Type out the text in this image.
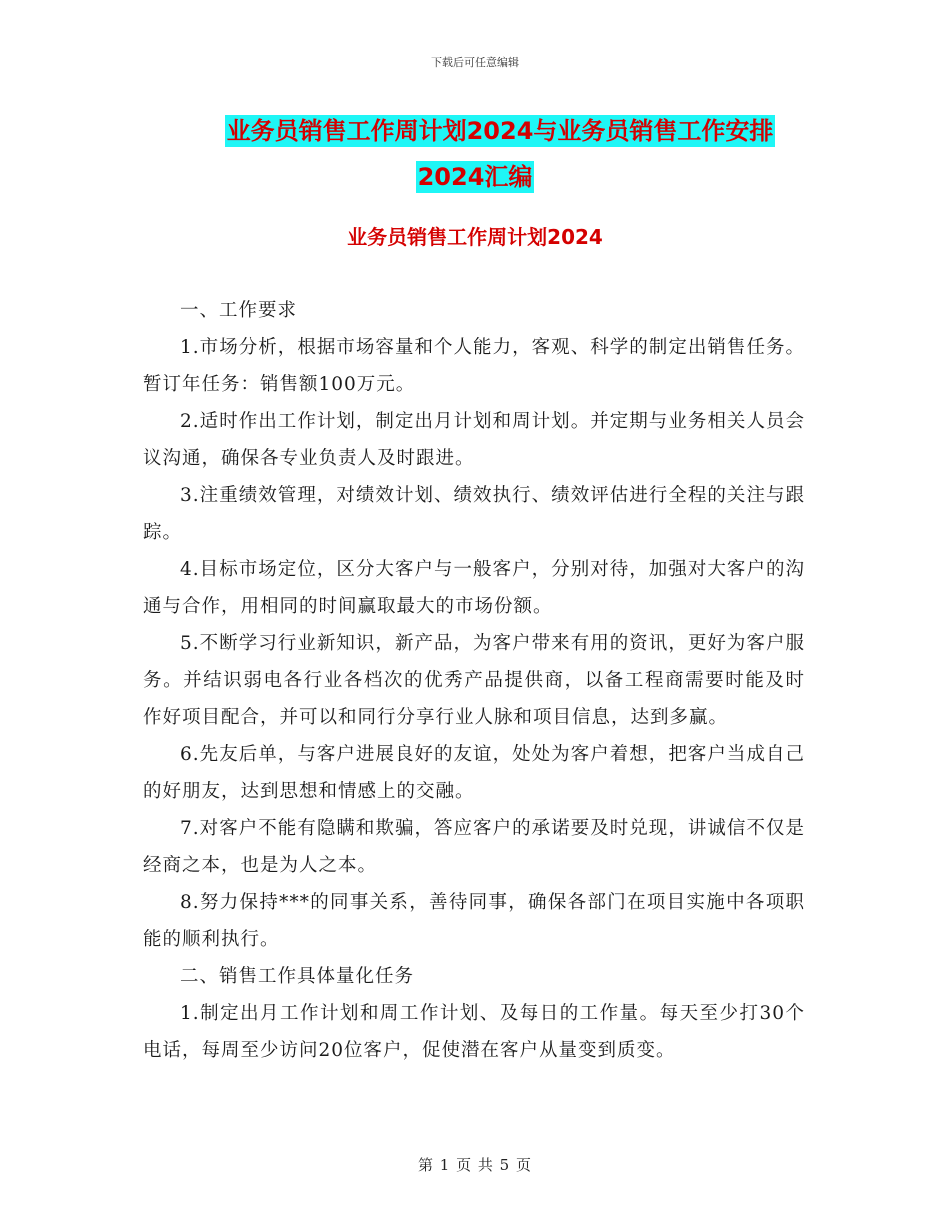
下载后可任意编辑
业务员销售工作周计划2024与业务员销售工作安排
2024汇编
业务员销售工作周计划2024

一、工作要求

1.市场分析，根据市场容量和个人能力，客观、科学的制定出销售任务。暂订年任务：销售额100万元。

2.适时作出工作计划，制定出月计划和周计划。并定期与业务相关人员会议沟通，确保各专业负责人及时跟进。

3.注重绩效管理，对绩效计划、绩效执行、绩效评估进行全程的关注与跟踪。

4.目标市场定位，区分大客户与一般客户，分别对待，加强对大客户的沟通与合作，用相同的时间赢取最大的市场份额。

5.不断学习行业新知识，新产品，为客户带来有用的资讯，更好为客户服务。并结识弱电各行业各档次的优秀产品提供商，以备工程商需要时能及时作好项目配合，并可以和同行分享行业人脉和项目信息，达到多赢。

6.先友后单，与客户进展良好的友谊，处处为客户着想，把客户当成自己的好朋友，达到思想和情感上的交融。

7.对客户不能有隐瞒和欺骗，答应客户的承诺要及时兑现，讲诚信不仅是经商之本，也是为人之本。

8.努力保持***的同事关系，善待同事，确保各部门在项目实施中各项职能的顺利执行。

二、销售工作具体量化任务

1.制定出月工作计划和周工作计划、及每日的工作量。每天至少打30个电话，每周至少访问20位客户，促使潜在客户从量变到质变。

第 1 页 共 5 页
